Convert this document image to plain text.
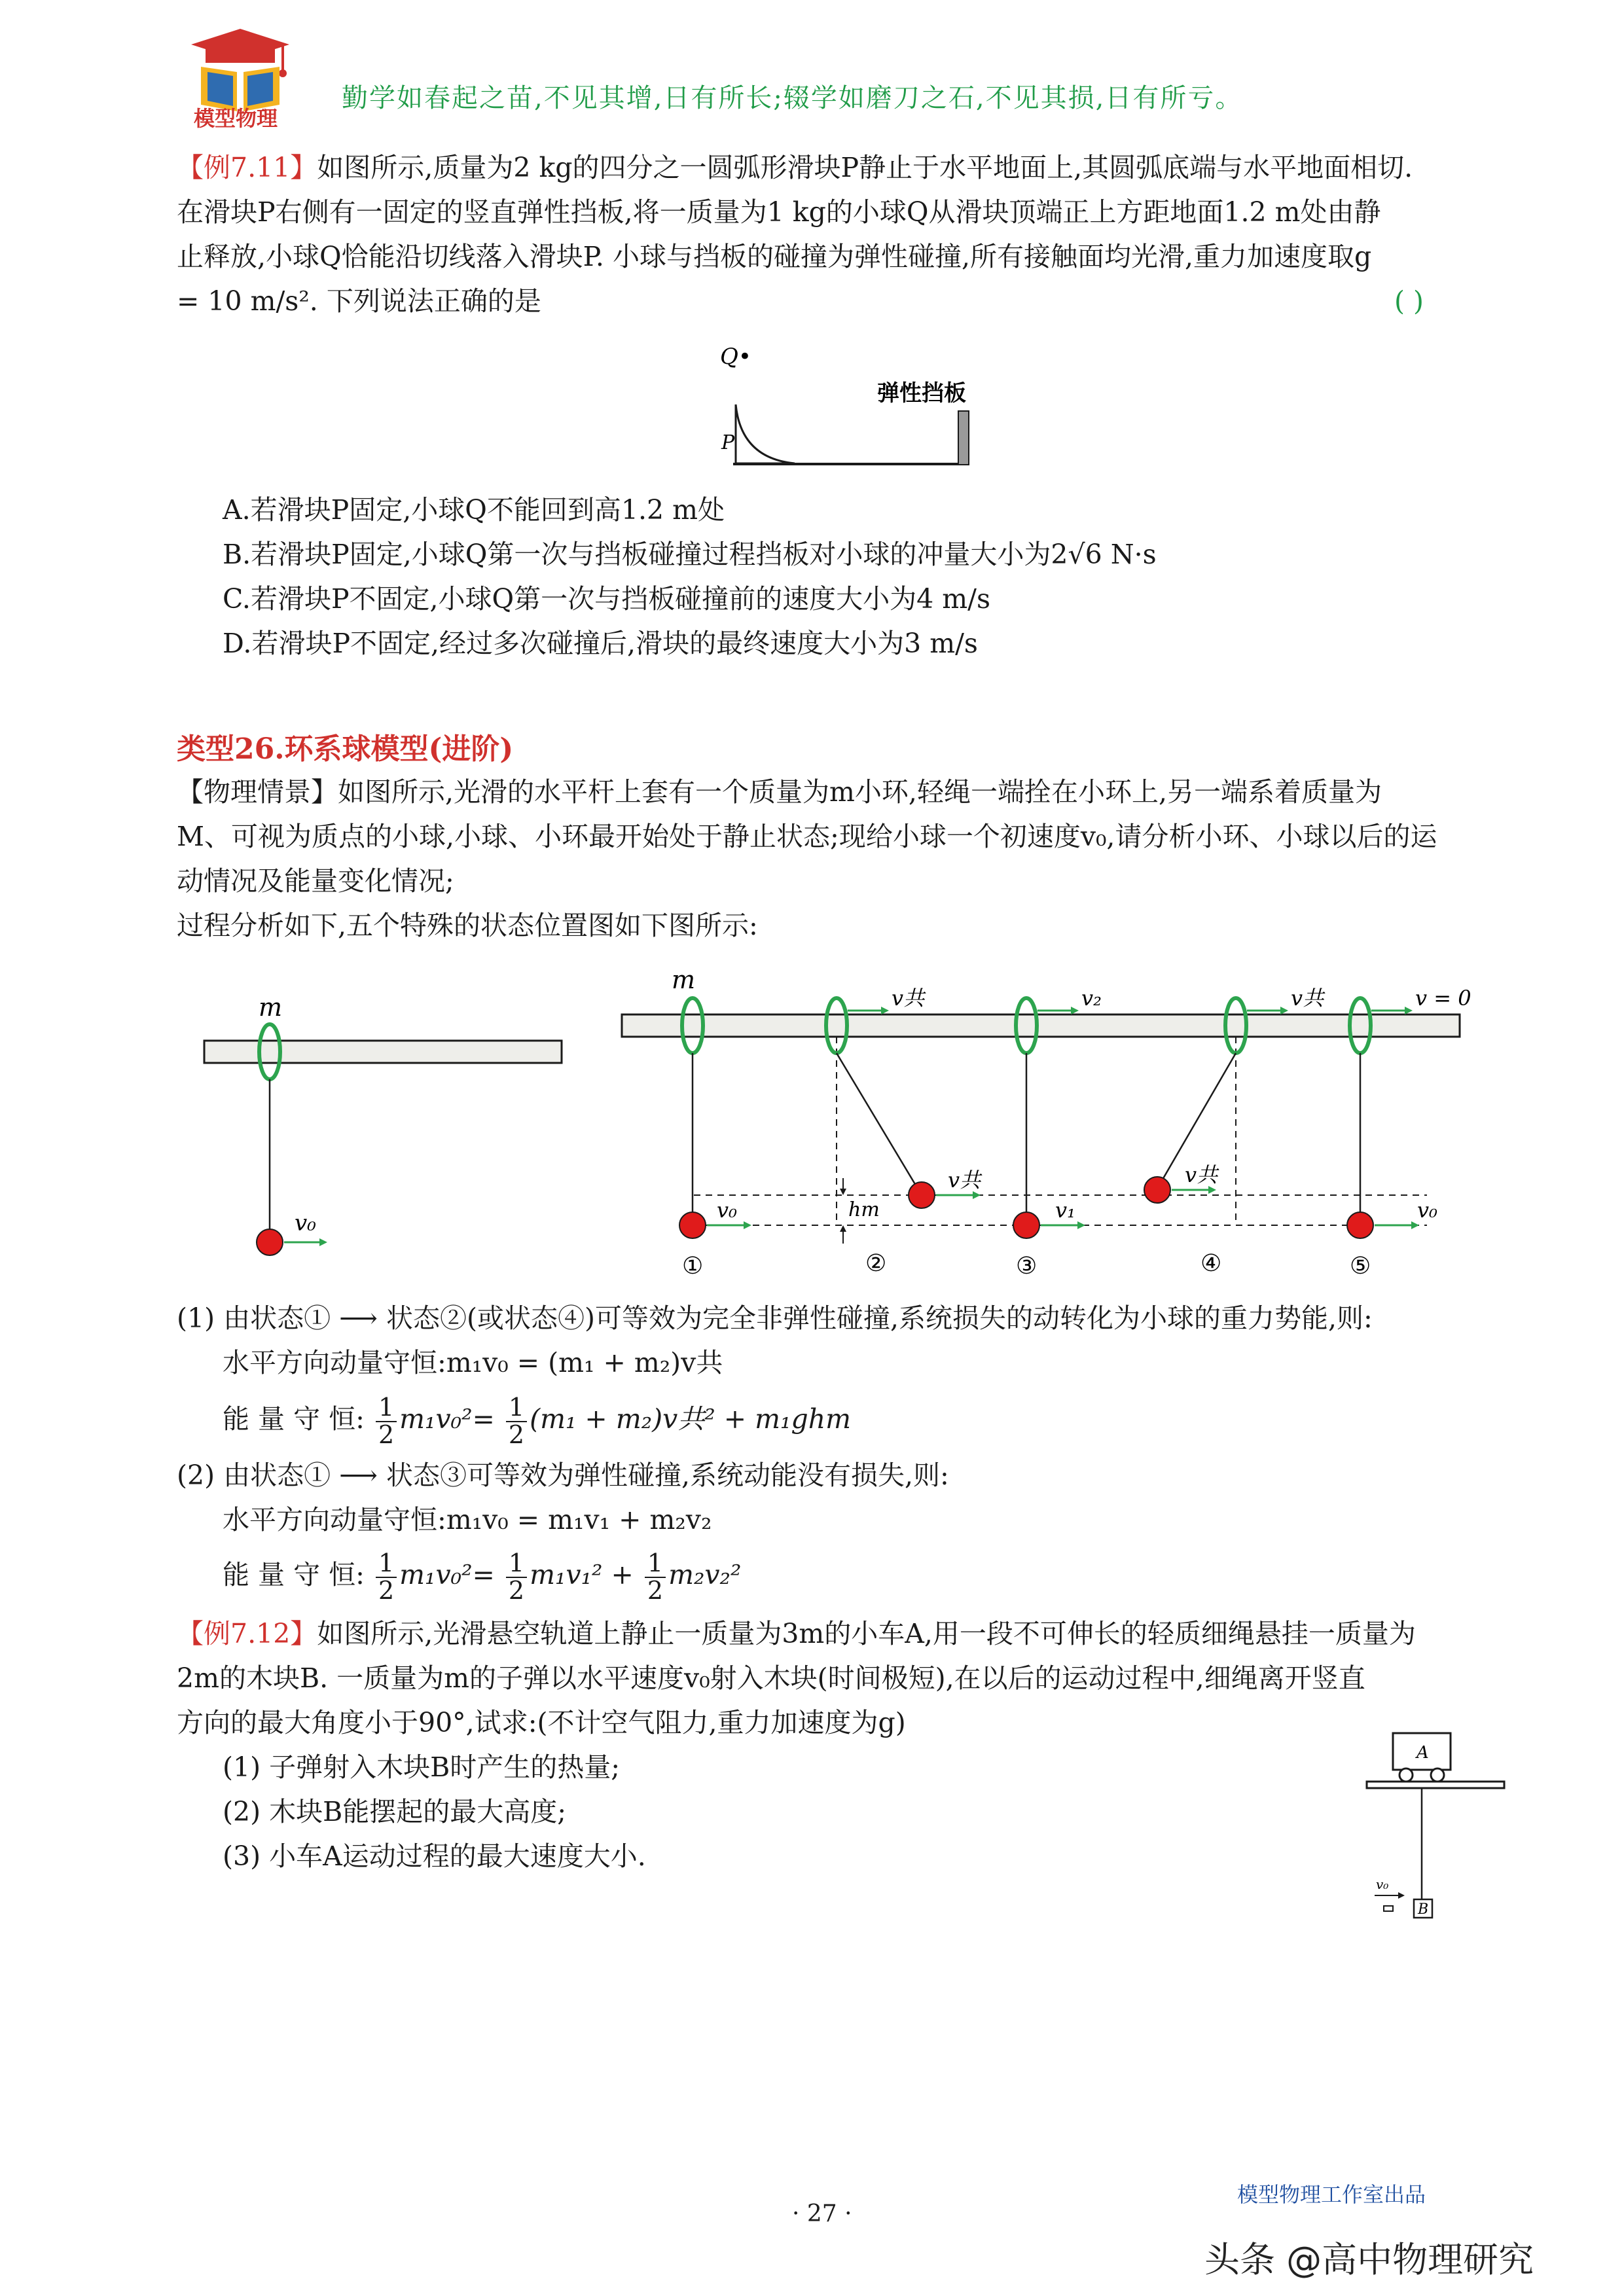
模型物理
勤学如春起之苗,不见其增,日有所长;辍学如磨刀之石,不见其损,日有所亏。
【例7.11】如图所示,质量为2 kg的四分之一圆弧形滑块P静止于水平地面上,其圆弧底端与水平地面相切.
在滑块P右侧有一固定的竖直弹性挡板,将一质量为1 kg的小球Q从滑块顶端正上方距地面1.2 m处由静
止释放,小球Q恰能沿切线落入滑块P. 小球与挡板的碰撞为弹性碰撞,所有接触面均光滑,重力加速度取g
= 10 m/s². 下列说法正确的是	( )
Q•
弹性挡板
P
A.若滑块P固定,小球Q不能回到高1.2 m处
B.若滑块P固定,小球Q第一次与挡板碰撞过程挡板对小球的冲量大小为2√6 N·s
C.若滑块P不固定,小球Q第一次与挡板碰撞前的速度大小为4 m/s
D.若滑块P不固定,经过多次碰撞后,滑块的最终速度大小为3 m/s
类型26.环系球模型(进阶)
【物理情景】如图所示,光滑的水平杆上套有一个质量为m小环,轻绳一端拴在小环上,另一端系着质量为
M、可视为质点的小球,小球、小环最开始处于静止状态;现给小球一个初速度v₀,请分析小环、小球以后的运
动情况及能量变化情况;
过程分析如下,五个特殊的状态位置图如下图所示:
m
v₀
m
v₀
v共
v共
hm
v₂
v₁
v共
v共
v = 0
v₀
①	②	③	④	⑤
(1) 由状态① ⟶ 状态②(或状态④)可等效为完全非弹性碰撞,系统损失的动转化为小球的重力势能,则:
水平方向动量守恒:m₁v₀ = (m₁ + m₂)v共
能 量 守 恒: $\frac{1}{2} m_1v_0^2= \frac{1}{2} (m_1 + m_2)v$共² + m₁ghm
(2) 由状态① ⟶ 状态③可等效为弹性碰撞,系统动能没有损失,则:
水平方向动量守恒:m₁v₀ = m₁v₁ + m₂v₂
能 量 守 恒: $\frac{1}{2} m_1v_0^2= \frac{1}{2} m_1v_1^2 + \frac{1}{2} m_2v_2^2$
【例7.12】如图所示,光滑悬空轨道上静止一质量为3m的小车A,用一段不可伸长的轻质细绳悬挂一质量为
2m的木块B. 一质量为m的子弹以水平速度v₀射入木块(时间极短),在以后的运动过程中,细绳离开竖直
方向的最大角度小于90°,试求:(不计空气阻力,重力加速度为g)
(1) 子弹射入木块B时产生的热量;
(2) 木块B能摆起的最大高度;
(3) 小车A运动过程的最大速度大小.
A
B
v₀
· 27 ·
模型物理工作室出品
头条 @高中物理研究
